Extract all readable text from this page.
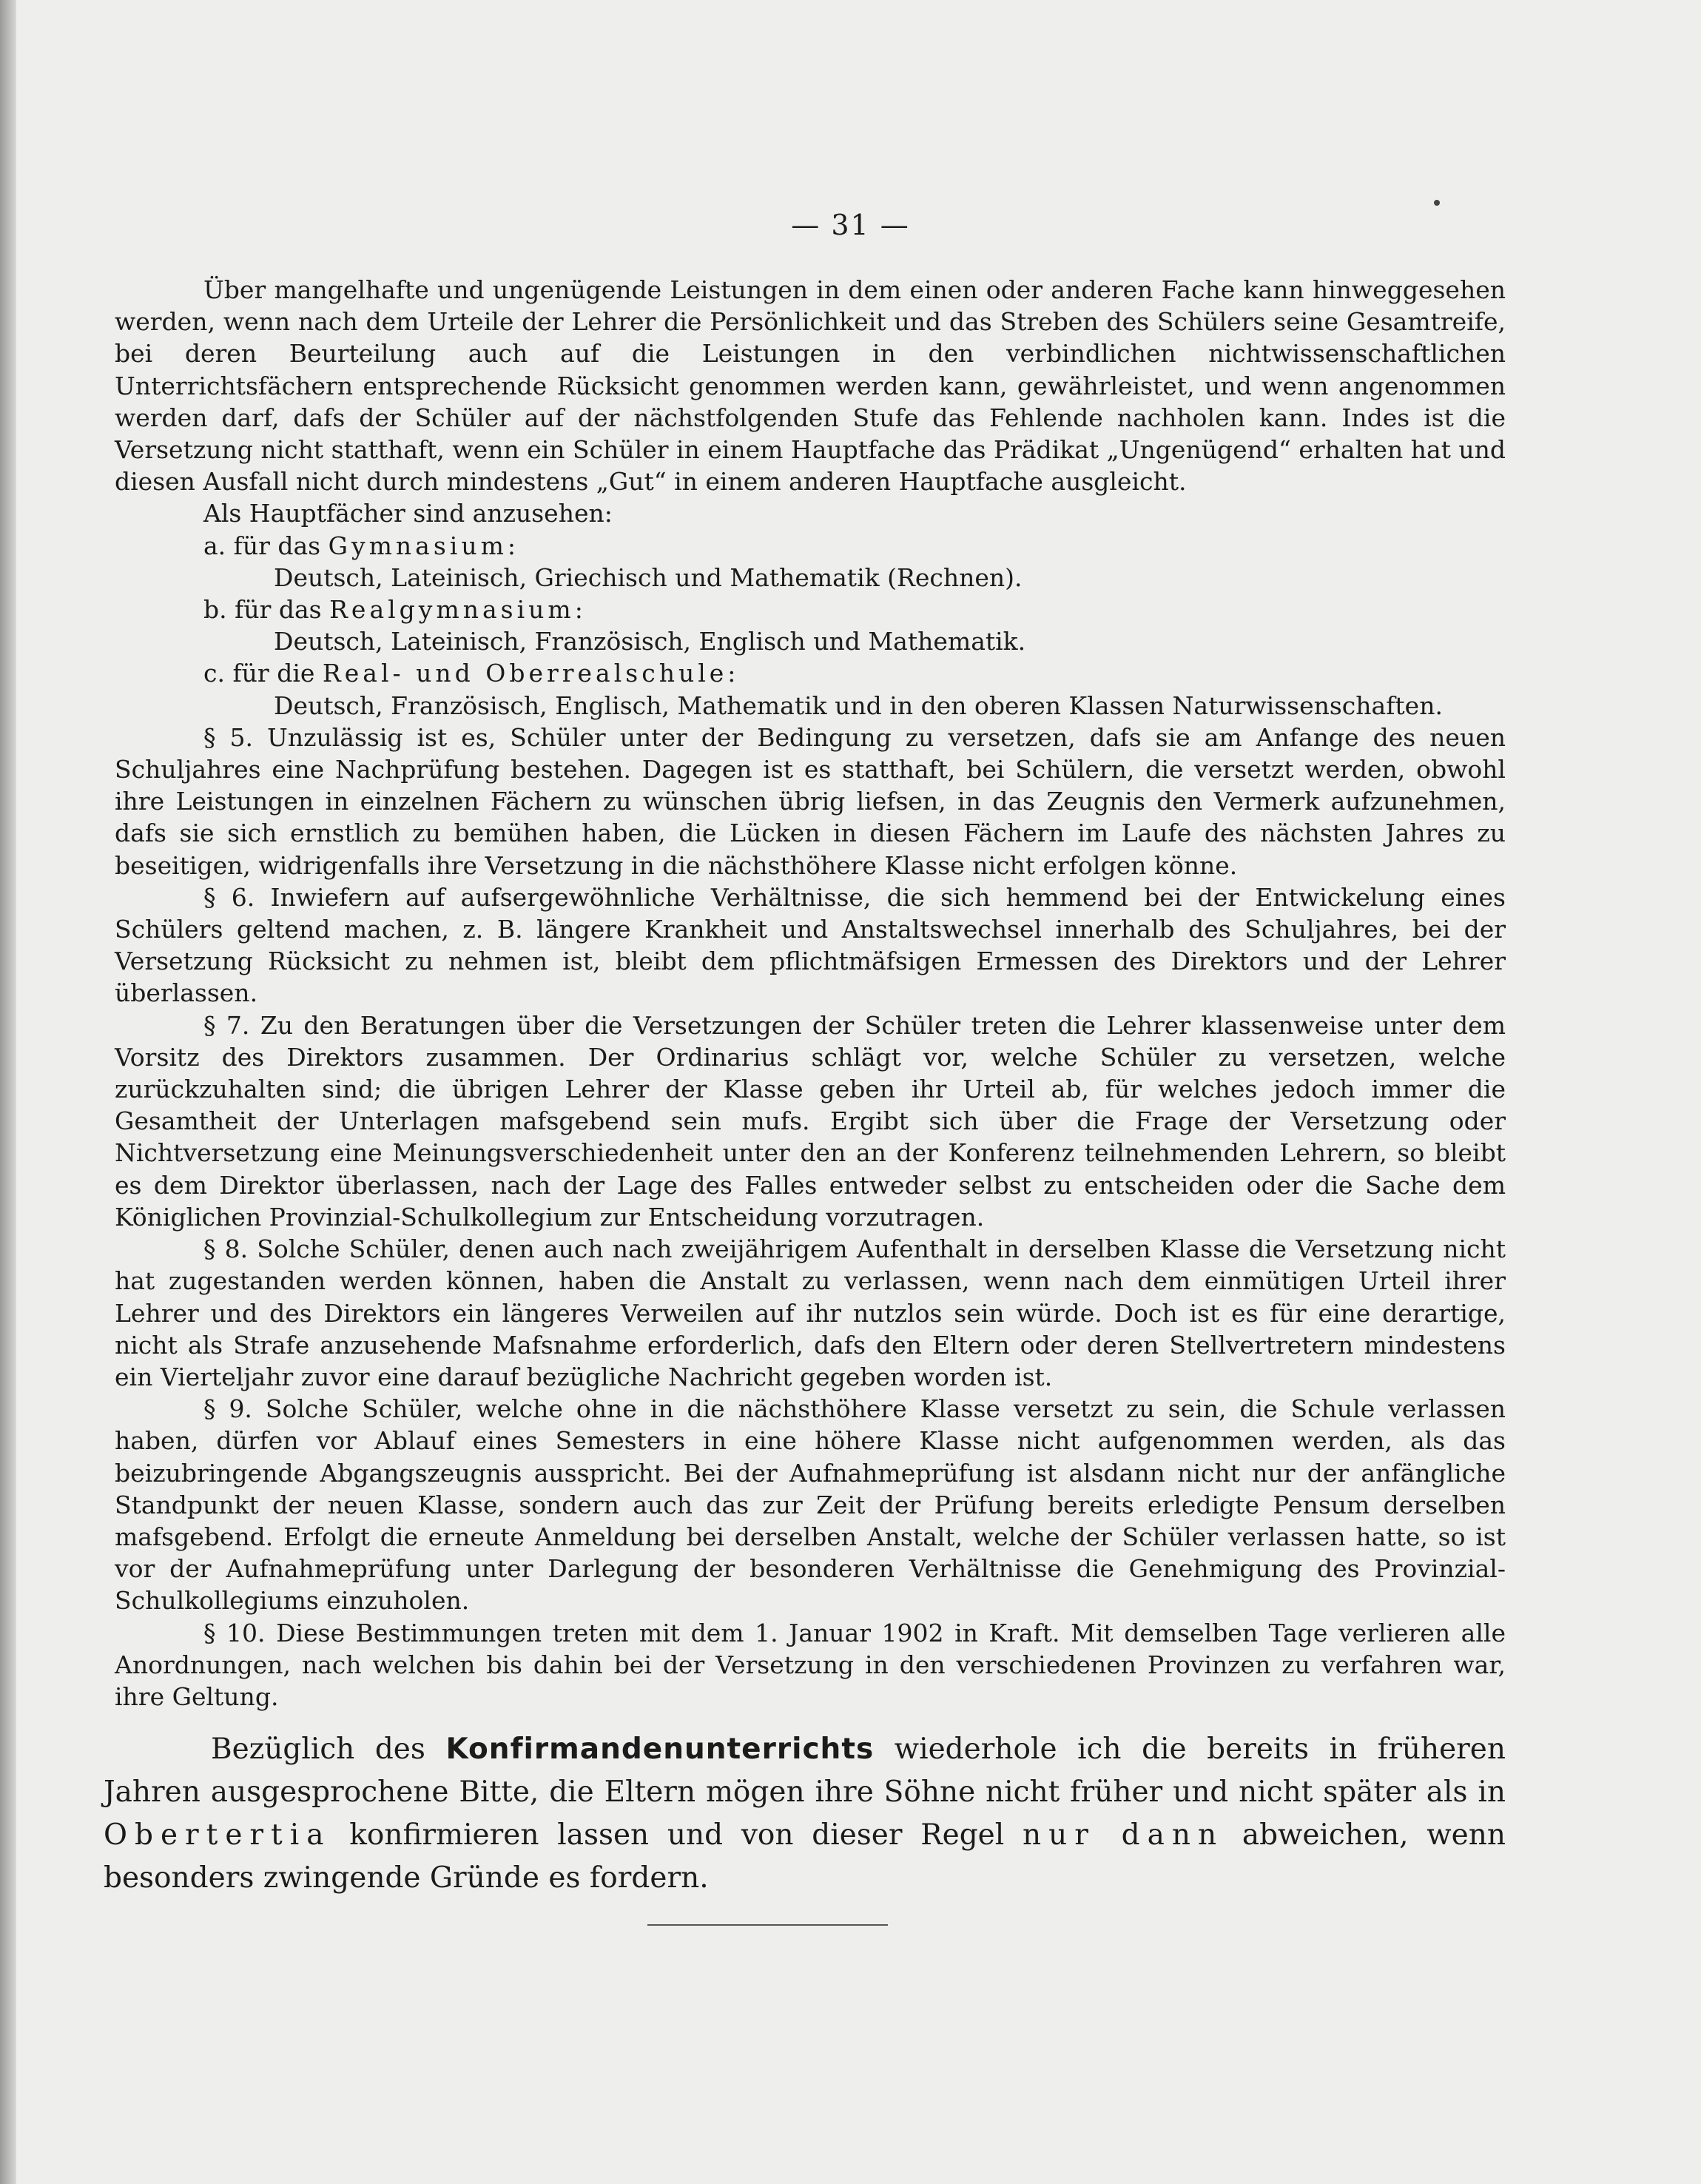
— 31 —

Über mangelhafte und ungenügende Leistungen in dem einen oder anderen Fache kann hinweggesehen werden, wenn nach dem Urteile der Lehrer die Persönlichkeit und das Streben des Schülers seine Gesamtreife, bei deren Beurteilung auch auf die Leistungen in den verbindlichen nichtwissenschaftlichen Unterrichtsfächern entsprechende Rücksicht genommen werden kann, gewährleistet, und wenn angenommen werden darf, dafs der Schüler auf der nächstfolgenden Stufe das Fehlende nachholen kann. Indes ist die Versetzung nicht statthaft, wenn ein Schüler in einem Hauptfache das Prädikat „Ungenügend“ erhalten hat und diesen Ausfall nicht durch mindestens „Gut“ in einem anderen Hauptfache ausgleicht.

Als Hauptfächer sind anzusehen:

a. für das Gymnasium:

Deutsch, Lateinisch, Griechisch und Mathematik (Rechnen).

b. für das Realgymnasium:

Deutsch, Lateinisch, Französisch, Englisch und Mathematik.

c. für die Real- und Oberrealschule:

Deutsch, Französisch, Englisch, Mathematik und in den oberen Klassen Naturwissenschaften.

§ 5. Unzulässig ist es, Schüler unter der Bedingung zu versetzen, dafs sie am Anfange des neuen Schuljahres eine Nachprüfung bestehen. Dagegen ist es statthaft, bei Schülern, die versetzt werden, obwohl ihre Leistungen in einzelnen Fächern zu wünschen übrig liefsen, in das Zeugnis den Vermerk aufzunehmen, dafs sie sich ernstlich zu bemühen haben, die Lücken in diesen Fächern im Laufe des nächsten Jahres zu beseitigen, widrigenfalls ihre Versetzung in die nächsthöhere Klasse nicht erfolgen könne.

§ 6. Inwiefern auf aufsergewöhnliche Verhältnisse, die sich hemmend bei der Entwickelung eines Schülers geltend machen, z. B. längere Krankheit und Anstaltswechsel innerhalb des Schuljahres, bei der Versetzung Rücksicht zu nehmen ist, bleibt dem pflichtmäfsigen Ermessen des Direktors und der Lehrer überlassen.

§ 7. Zu den Beratungen über die Versetzungen der Schüler treten die Lehrer klassenweise unter dem Vorsitz des Direktors zusammen. Der Ordinarius schlägt vor, welche Schüler zu versetzen, welche zurückzuhalten sind; die übrigen Lehrer der Klasse geben ihr Urteil ab, für welches jedoch immer die Gesamtheit der Unterlagen mafsgebend sein mufs. Ergibt sich über die Frage der Versetzung oder Nichtversetzung eine Meinungsverschiedenheit unter den an der Konferenz teilnehmenden Lehrern, so bleibt es dem Direktor überlassen, nach der Lage des Falles entweder selbst zu entscheiden oder die Sache dem Königlichen Provinzial-Schulkollegium zur Entscheidung vorzutragen.

§ 8. Solche Schüler, denen auch nach zweijährigem Aufenthalt in derselben Klasse die Versetzung nicht hat zugestanden werden können, haben die Anstalt zu verlassen, wenn nach dem einmütigen Urteil ihrer Lehrer und des Direktors ein längeres Verweilen auf ihr nutzlos sein würde. Doch ist es für eine derartige, nicht als Strafe anzusehende Mafsnahme erforderlich, dafs den Eltern oder deren Stellvertretern mindestens ein Vierteljahr zuvor eine darauf bezügliche Nachricht gegeben worden ist.

§ 9. Solche Schüler, welche ohne in die nächsthöhere Klasse versetzt zu sein, die Schule verlassen haben, dürfen vor Ablauf eines Semesters in eine höhere Klasse nicht aufgenommen werden, als das beizubringende Abgangszeugnis ausspricht. Bei der Aufnahmeprüfung ist alsdann nicht nur der anfängliche Standpunkt der neuen Klasse, sondern auch das zur Zeit der Prüfung bereits erledigte Pensum derselben mafsgebend. Erfolgt die erneute Anmeldung bei derselben Anstalt, welche der Schüler verlassen hatte, so ist vor der Aufnahmeprüfung unter Darlegung der besonderen Verhältnisse die Genehmigung des Provinzial-Schulkollegiums einzuholen.

§ 10. Diese Bestimmungen treten mit dem 1. Januar 1902 in Kraft. Mit demselben Tage verlieren alle Anordnungen, nach welchen bis dahin bei der Versetzung in den verschiedenen Provinzen zu verfahren war, ihre Geltung.

Bezüglich des Konfirmandenunterrichts wiederhole ich die bereits in früheren Jahren ausgesprochene Bitte, die Eltern mögen ihre Söhne nicht früher und nicht später als in Obertertia konfirmieren lassen und von dieser Regel nur dann abweichen, wenn besonders zwingende Gründe es fordern.
